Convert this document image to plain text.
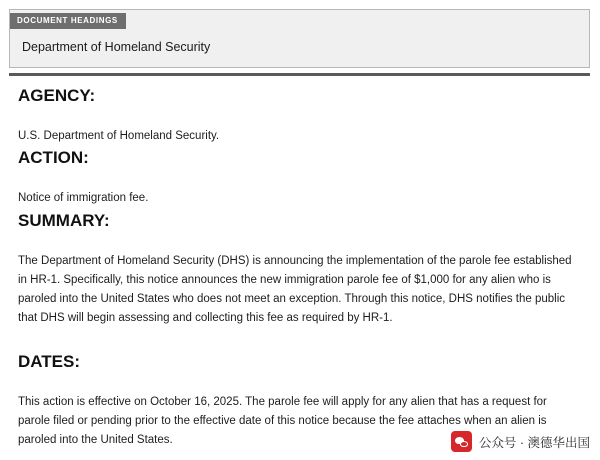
DOCUMENT HEADINGS
Department of Homeland Security
AGENCY:

U.S. Department of Homeland Security.

ACTION:

Notice of immigration fee.

SUMMARY:

The Department of Homeland Security (DHS) is announcing the implementation of the parole fee established in HR-1. Specifically, this notice announces the new immigration parole fee of $1,000 for any alien who is paroled into the United States who does not meet an exception. Through this notice, DHS notifies the public that DHS will begin assessing and collecting this fee as required by HR-1.

DATES:

This action is effective on October 16, 2025. The parole fee will apply for any alien that has a request for parole filed or pending prior to the effective date of this notice because the fee attaches when an alien is paroled into the United States.	公众号 · 澳德华出国
